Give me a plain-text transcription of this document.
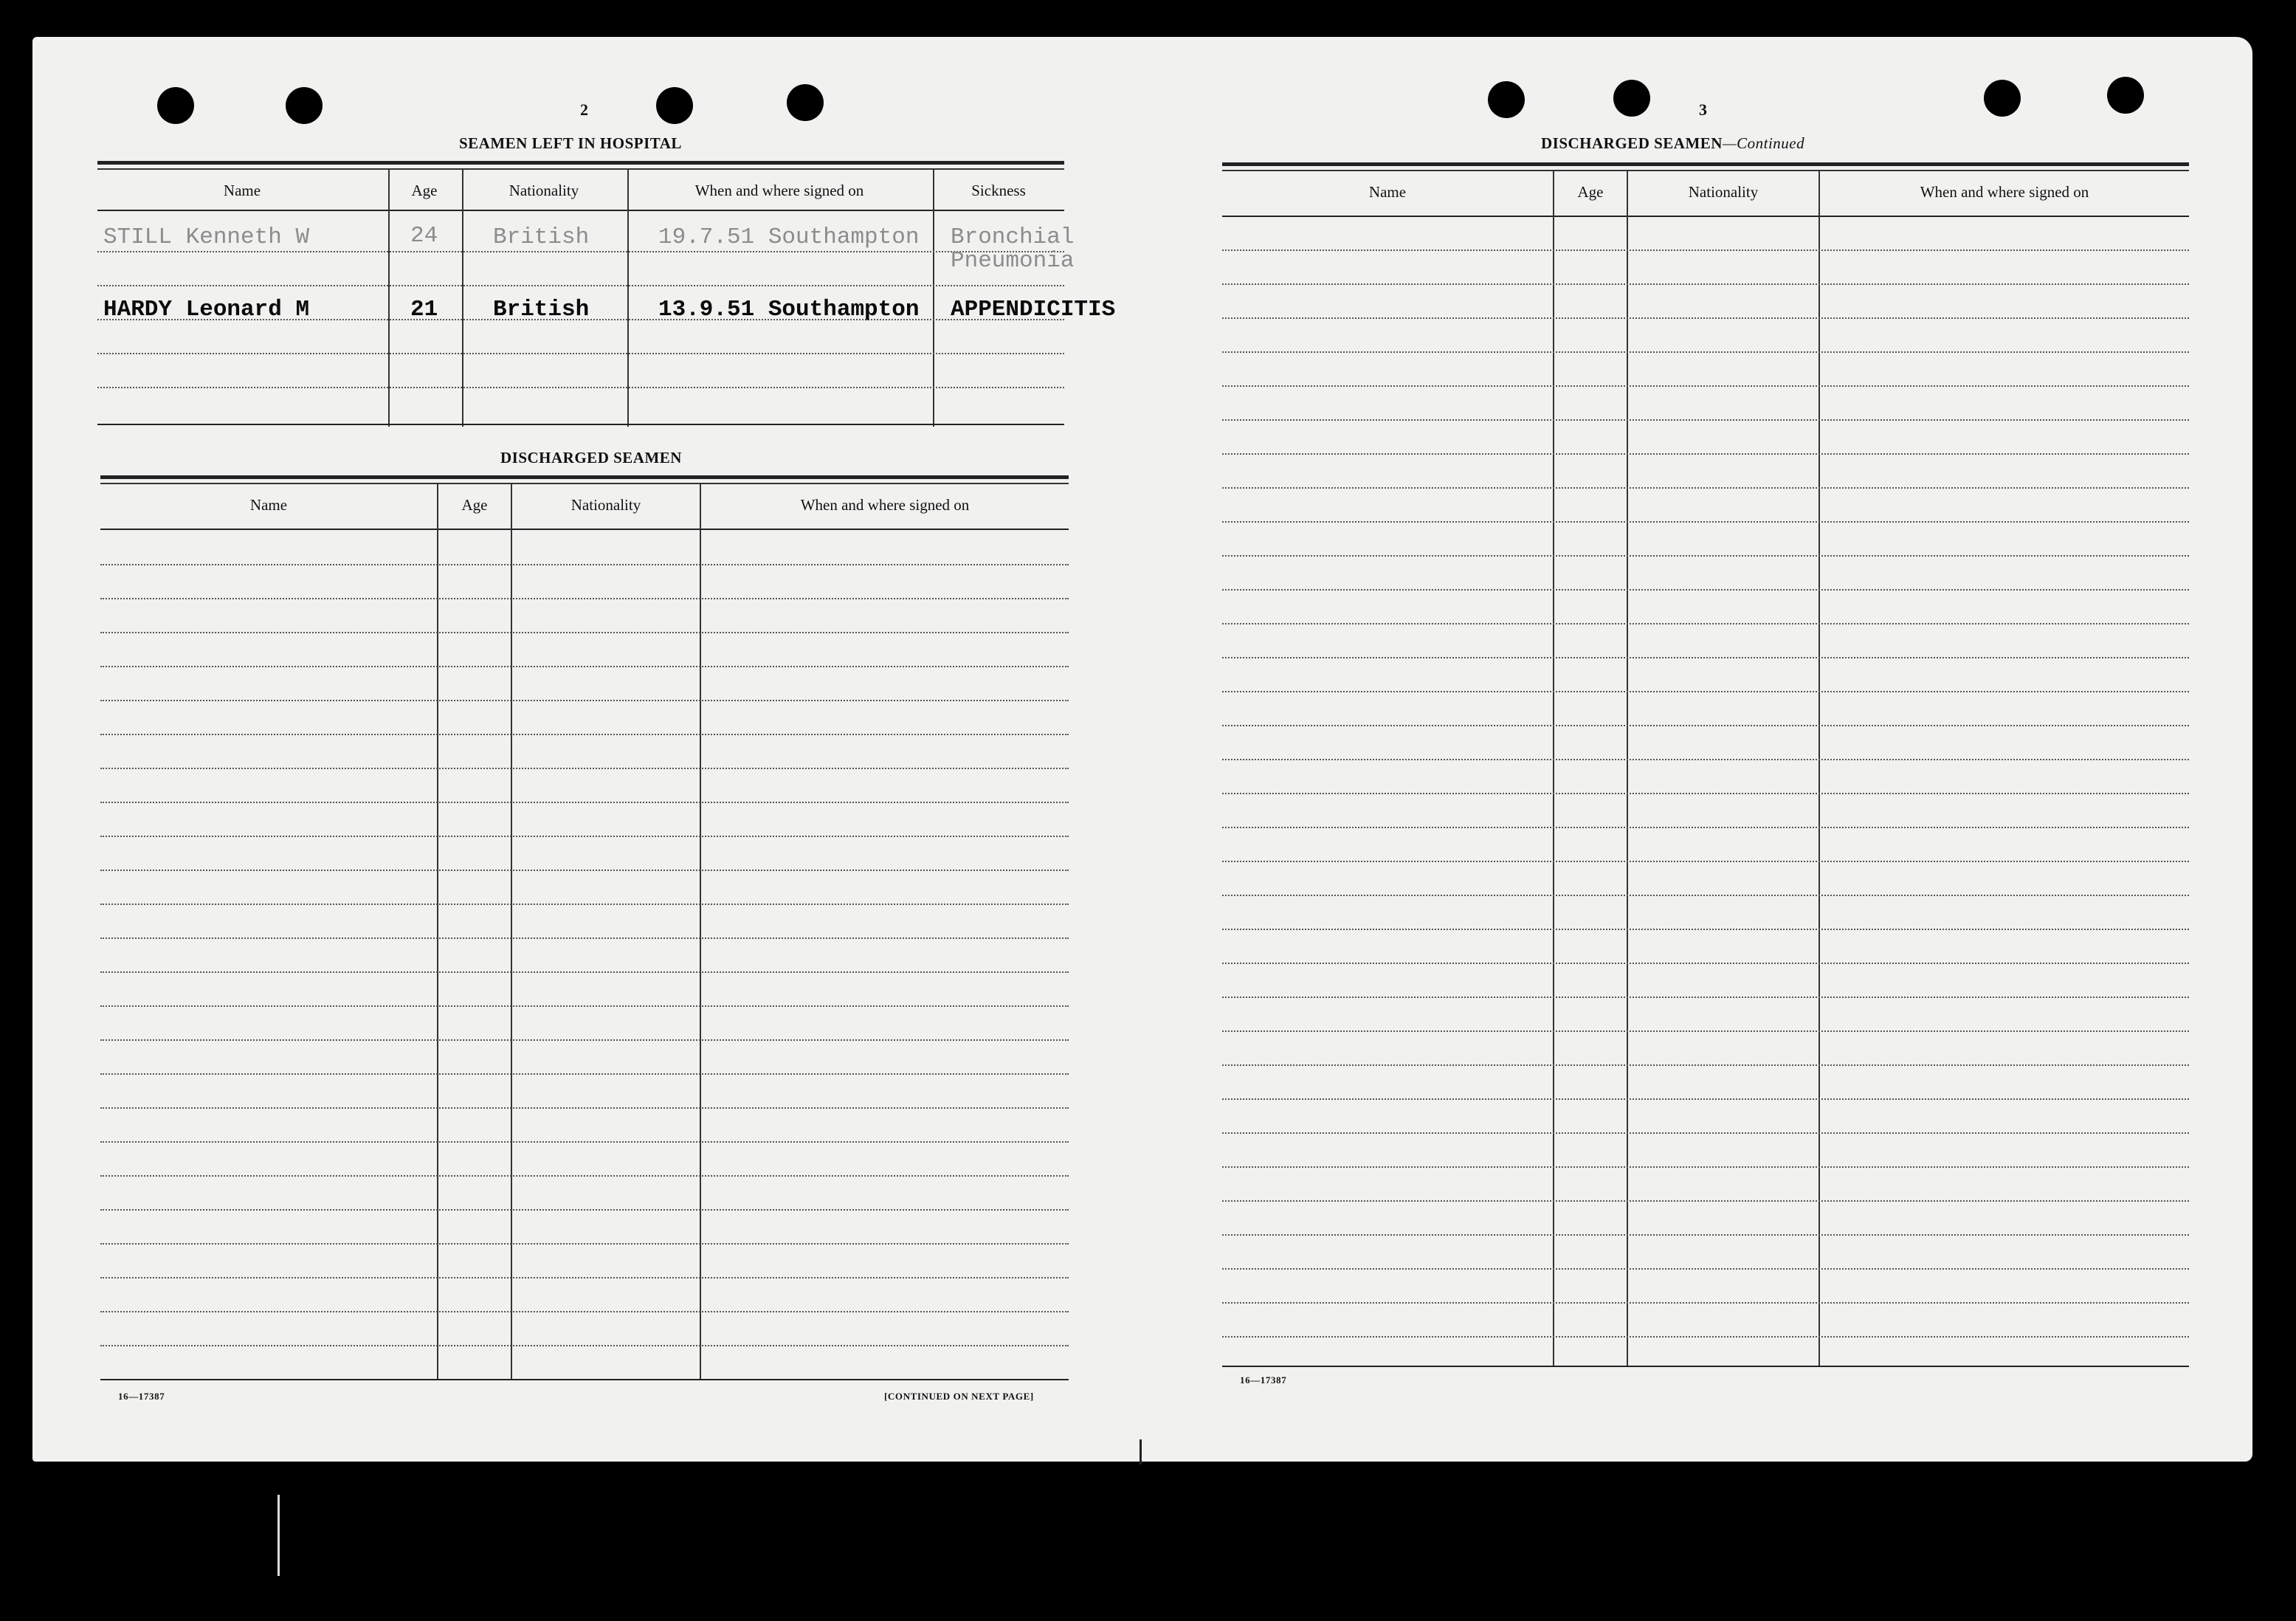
2
SEAMEN LEFT IN HOSPITAL
Name	Age	Nationality	When and where signed on	Sickness
STILL Kenneth W	24 British	19.7.51 Southampton Bronchial
Pneumonia
HARDY Leonard M	21 British	13.9.51 Southampton APPENDICITIS
DISCHARGED SEAMEN
Name	Age	Nationality	When and where signed on
16—17387	[CONTINUED ON NEXT PAGE]
3
DISCHARGED SEAMEN—Continued
Name	Age	Nationality	When and where signed on
16—17387
